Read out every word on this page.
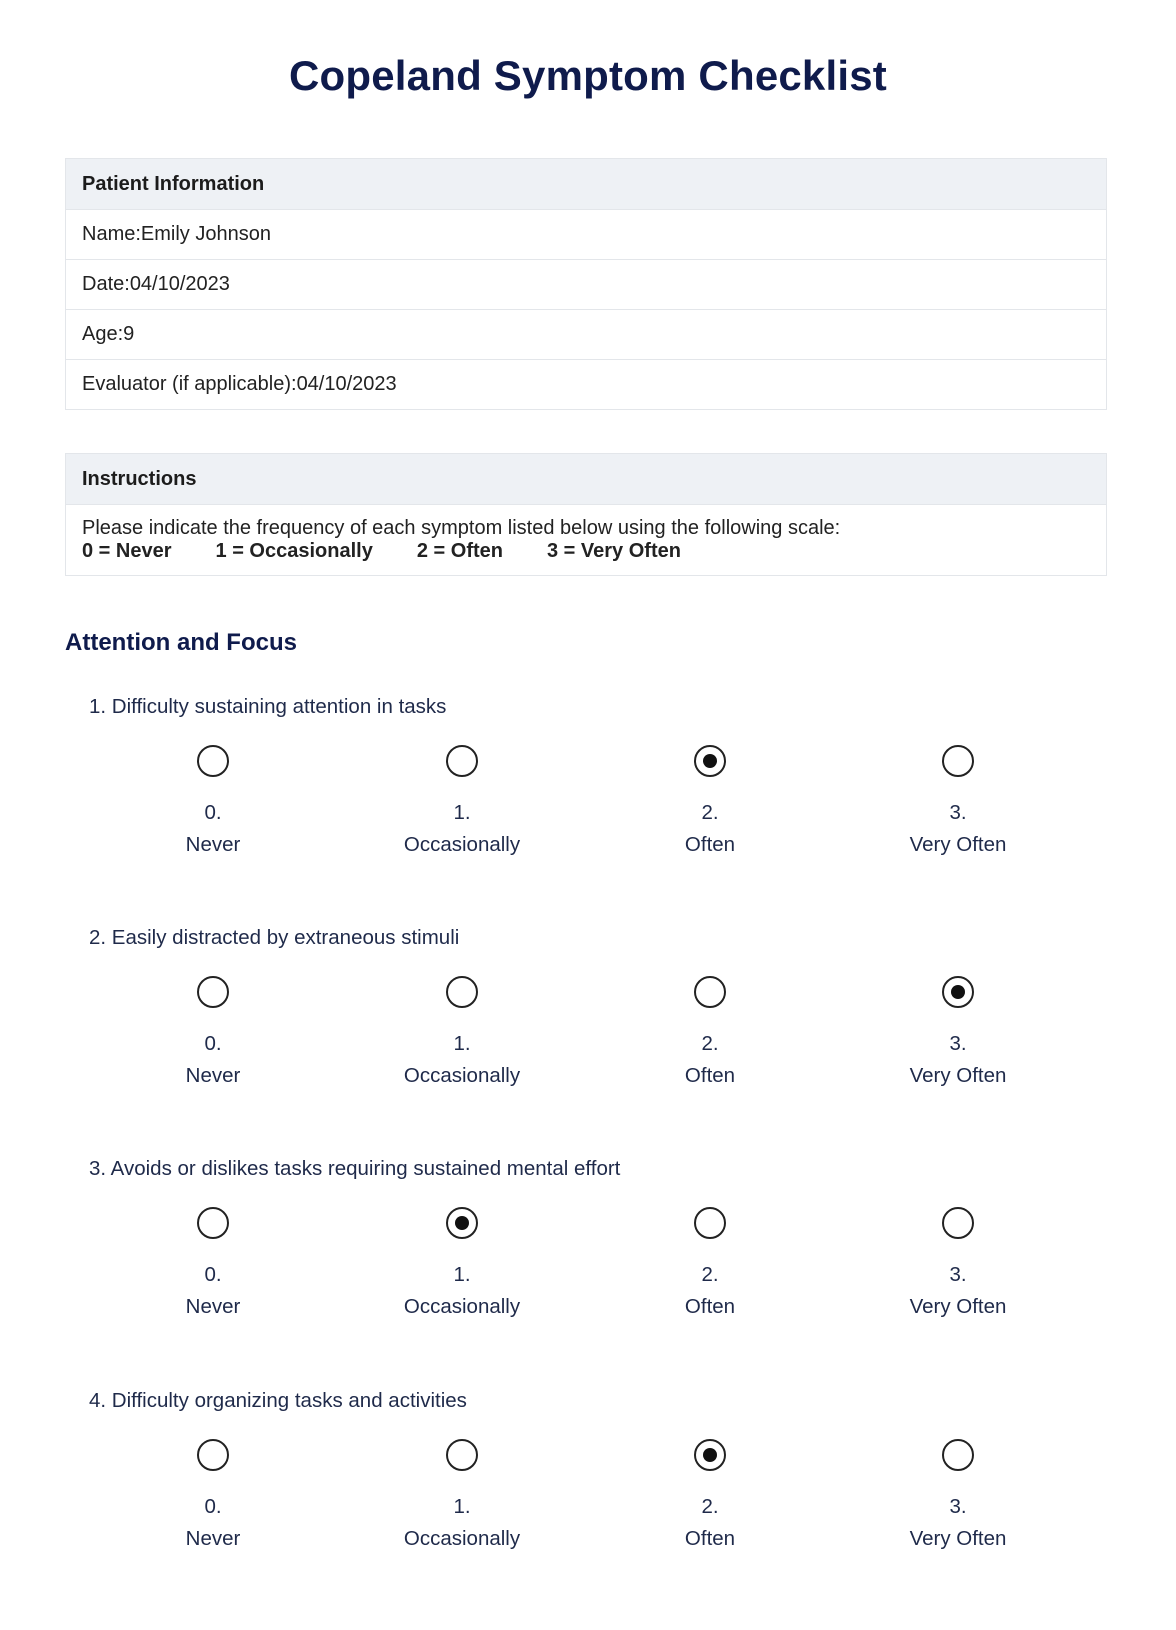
Copeland Symptom Checklist
Patient Information
Name:Emily Johnson
Date:04/10/2023
Age:9
Evaluator (if applicable):04/10/2023
Instructions
Please indicate the frequency of each symptom listed below using the following scale:
0 = Never 1 = Occasionally 2 = Often 3 = Very Often
Attention and Focus
1. Difficulty sustaining attention in tasks
0.
Never
1.
Occasionally
2.
Often
3.
Very Often
2. Easily distracted by extraneous stimuli
0.
Never
1.
Occasionally
2.
Often
3.
Very Often
3. Avoids or dislikes tasks requiring sustained mental effort
0.
Never
1.
Occasionally
2.
Often
3.
Very Often
4. Difficulty organizing tasks and activities
0.
Never
1.
Occasionally
2.
Often
3.
Very Often
